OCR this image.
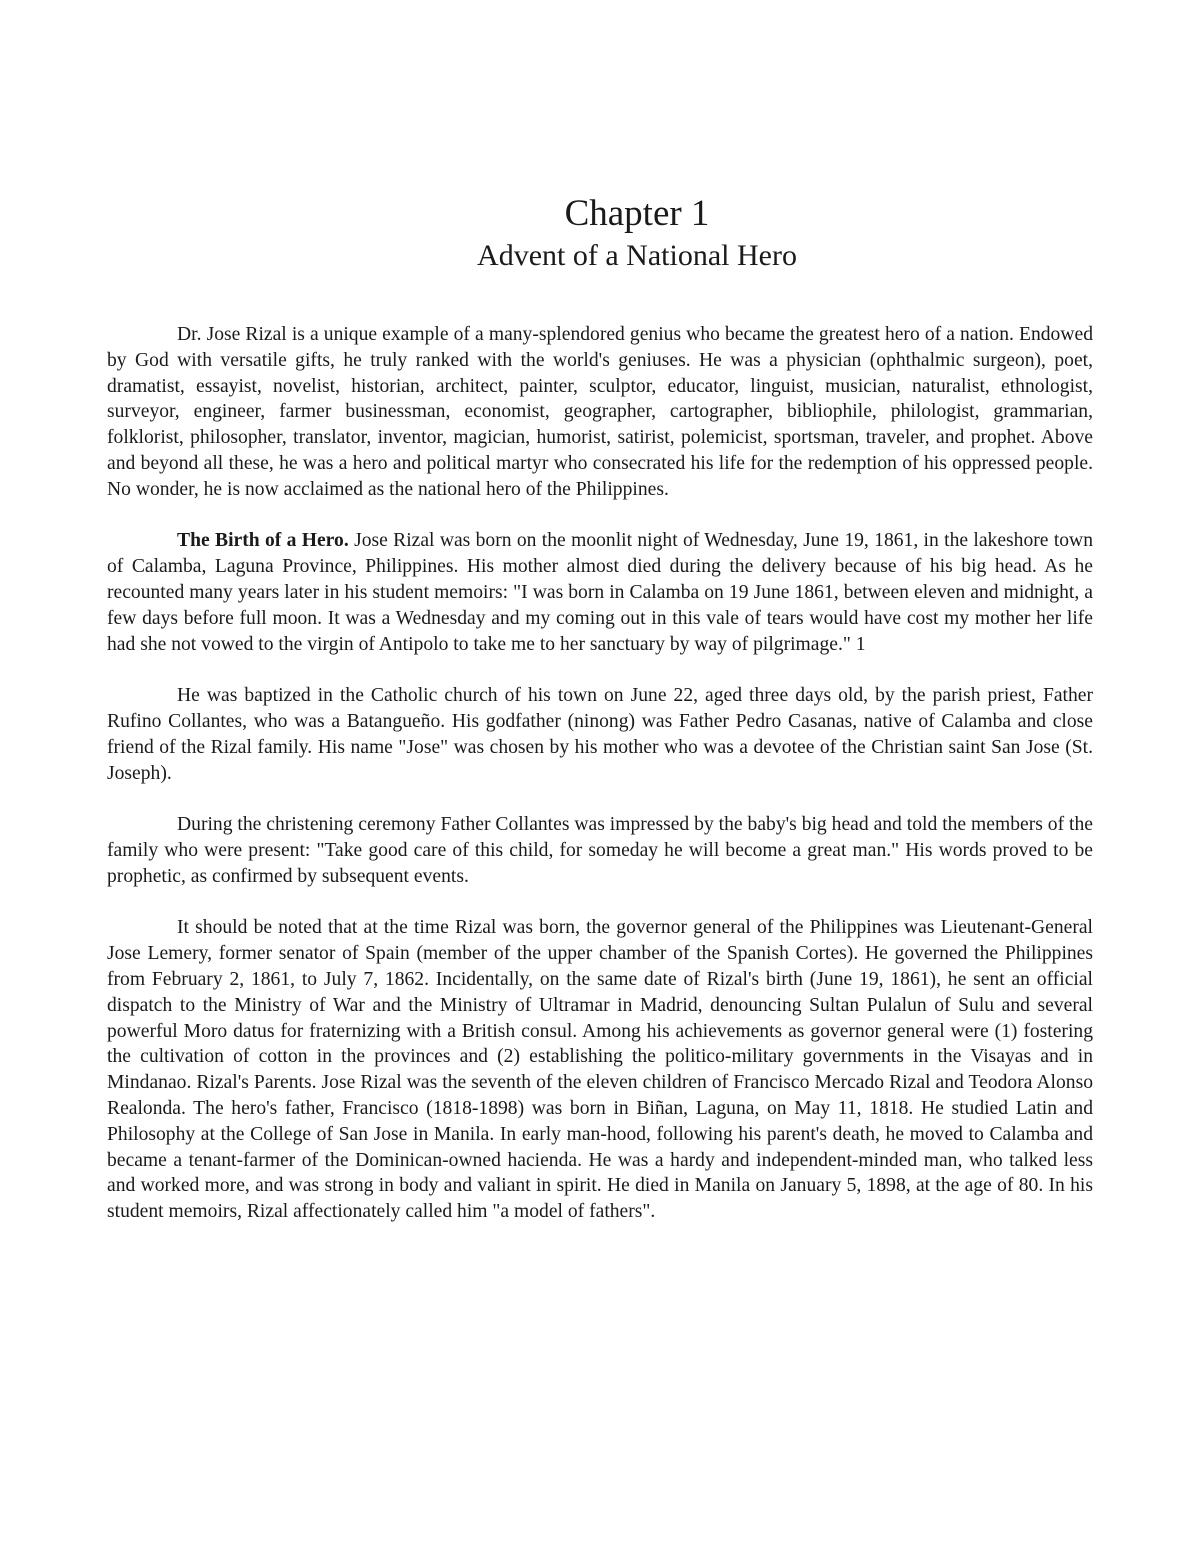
Chapter 1
Advent of a National Hero

Dr. Jose Rizal is a unique example of a many-splendored genius who became the greatest hero of a nation. Endowed by God with versatile gifts, he truly ranked with the world's geniuses. He was a physician (ophthalmic surgeon), poet, dramatist, essayist, novelist, historian, architect, painter, sculptor, educator, linguist, musician, naturalist, ethnologist, surveyor, engineer, farmer businessman, economist, geographer, cartographer, bibliophile, philologist, grammarian, folklorist, philosopher, translator, inventor, magician, humorist, satirist, polemicist, sportsman, traveler, and prophet. Above and beyond all these, he was a hero and political martyr who consecrated his life for the redemption of his oppressed people. No wonder, he is now acclaimed as the national hero of the Philippines.

The Birth of a Hero. Jose Rizal was born on the moonlit night of Wednesday, June 19, 1861, in the lakeshore town of Calamba, Laguna Province, Philippines. His mother almost died during the delivery because of his big head. As he recounted many years later in his student memoirs: "I was born in Calamba on 19 June 1861, between eleven and midnight, a few days before full moon. It was a Wednesday and my coming out in this vale of tears would have cost my mother her life had she not vowed to the virgin of Antipolo to take me to her sanctuary by way of pilgrimage." 1

He was baptized in the Catholic church of his town on June 22, aged three days old, by the parish priest, Father Rufino Collantes, who was a Batangueño. His godfather (ninong) was Father Pedro Casanas, native of Calamba and close friend of the Rizal family. His name "Jose" was chosen by his mother who was a devotee of the Christian saint San Jose (St. Joseph).

During the christening ceremony Father Collantes was impressed by the baby's big head and told the members of the family who were present: "Take good care of this child, for someday he will become a great man." His words proved to be prophetic, as confirmed by subsequent events.

It should be noted that at the time Rizal was born, the governor general of the Philippines was Lieutenant-General Jose Lemery, former senator of Spain (member of the upper chamber of the Spanish Cortes). He governed the Philippines from February 2, 1861, to July 7, 1862. Incidentally, on the same date of Rizal's birth (June 19, 1861), he sent an official dispatch to the Ministry of War and the Ministry of Ultramar in Madrid, denouncing Sultan Pulalun of Sulu and several powerful Moro datus for fraternizing with a British consul. Among his achievements as governor general were (1) fostering the cultivation of cotton in the provinces and (2) establishing the politico-military governments in the Visayas and in Mindanao. Rizal's Parents. Jose Rizal was the seventh of the eleven children of Francisco Mercado Rizal and Teodora Alonso Realonda. The hero's father, Francisco (1818-1898) was born in Biñan, Laguna, on May 11, 1818. He studied Latin and Philosophy at the College of San Jose in Manila. In early man-hood, following his parent's death, he moved to Calamba and became a tenant-farmer of the Dominican-owned hacienda. He was a hardy and independent-minded man, who talked less and worked more, and was strong in body and valiant in spirit. He died in Manila on January 5, 1898, at the age of 80. In his student memoirs, Rizal affectionately called him "a model of fathers".
